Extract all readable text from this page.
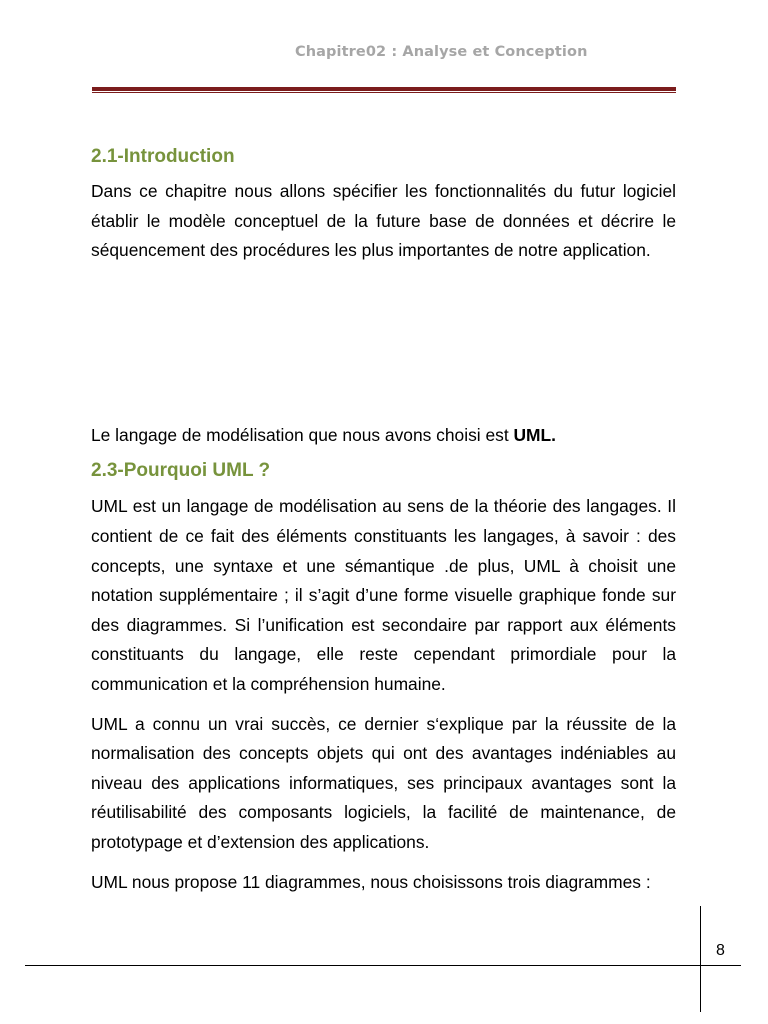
Chapitre02 : Analyse et Conception
2.1-Introduction

Dans ce chapitre nous allons spécifier les fonctionnalités du futur logiciel établir le modèle conceptuel de la future base de données et décrire le séquencement des procédures les plus importantes de notre application.

Le langage de modélisation que nous avons choisi est UML.

2.3-Pourquoi UML ?

UML est un langage de modélisation au sens de la théorie des langages. Il contient de ce fait des éléments constituants les langages, à savoir : des concepts, une syntaxe et une sémantique .de plus, UML à choisit une notation supplémentaire ; il s’agit d’une forme visuelle graphique fonde sur des diagrammes. Si l’unification est secondaire par rapport aux éléments constituants du langage, elle reste cependant primordiale pour la communication et la compréhension humaine.

UML a connu un vrai succès, ce dernier s‘explique par la réussite de la normalisation des concepts objets qui ont des avantages indéniables au niveau des applications informatiques, ses principaux avantages sont la réutilisabilité des composants logiciels, la facilité de maintenance, de prototypage et d’extension des applications.

UML nous propose 11 diagrammes, nous choisissons trois diagrammes :

8
